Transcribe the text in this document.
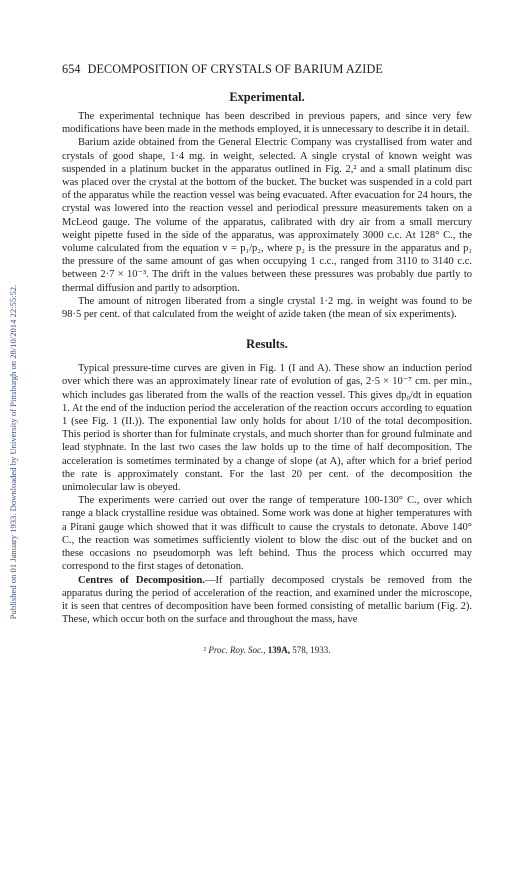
Published on 01 January 1933. Downloaded by University of Pittsburgh on 28/10/2014 22:55:52.
654 DECOMPOSITION OF CRYSTALS OF BARIUM AZIDE
Experimental.

The experimental technique has been described in previous papers, and since very few modifications have been made in the methods employed, it is unnecessary to describe it in detail.

Barium azide obtained from the General Electric Company was crystallised from water and crystals of good shape, 1·4 mg. in weight, selected. A single crystal of known weight was suspended in a platinum bucket in the apparatus outlined in Fig. 2,² and a small platinum disc was placed over the crystal at the bottom of the bucket. The bucket was suspended in a cold part of the apparatus while the reaction vessel was being evacuated. After evacuation for 24 hours, the crystal was lowered into the reaction vessel and periodical pressure measurements taken on a McLeod gauge. The volume of the apparatus, calibrated with dry air from a small mercury weight pipette fused in the side of the apparatus, was approximately 3000 c.c. At 128° C., the volume calculated from the equation v = p₁/p₂, where p₂ is the pressure in the apparatus and p₁ the pressure of the same amount of gas when occupying 1 c.c., ranged from 3110 to 3140 c.c. between 2·7 × 10⁻³. The drift in the values between these pressures was probably due partly to thermal diffusion and partly to adsorption.

The amount of nitrogen liberated from a single crystal 1·2 mg. in weight was found to be 98·5 per cent. of that calculated from the weight of azide taken (the mean of six experiments).

Results.

Typical pressure-time curves are given in Fig. 1 (I and A). These show an induction period over which there was an approximately linear rate of evolution of gas, 2·5 × 10⁻⁷ cm. per min., which includes gas liberated from the walls of the reaction vessel. This gives dp₀/dt in equation 1. At the end of the induction period the acceleration of the reaction occurs according to equation 1 (see Fig. 1 (II.)). The exponential law only holds for about 1/10 of the total decomposition. This period is shorter than for fulminate crystals, and much shorter than for ground fulminate and lead styphnate. In the last two cases the law holds up to the time of half decomposition. The acceleration is sometimes terminated by a change of slope (at A), after which for a brief period the rate is approximately constant. For the last 20 per cent. of the decomposition the unimolecular law is obeyed.

The experiments were carried out over the range of temperature 100-130° C., over which range a black crystalline residue was obtained. Some work was done at higher temperatures with a Pirani gauge which showed that it was difficult to cause the crystals to detonate. Above 140° C., the reaction was sometimes sufficiently violent to blow the disc out of the bucket and on these occasions no pseudomorph was left behind. Thus the process which occurred may correspond to the first stages of detonation.

Centres of Decomposition.—If partially decomposed crystals be removed from the apparatus during the period of acceleration of the reaction, and examined under the microscope, it is seen that centres of decomposition have been formed consisting of metallic barium (Fig. 2). These, which occur both on the surface and throughout the mass, have

² Proc. Roy. Soc., 139A, 578, 1933.
